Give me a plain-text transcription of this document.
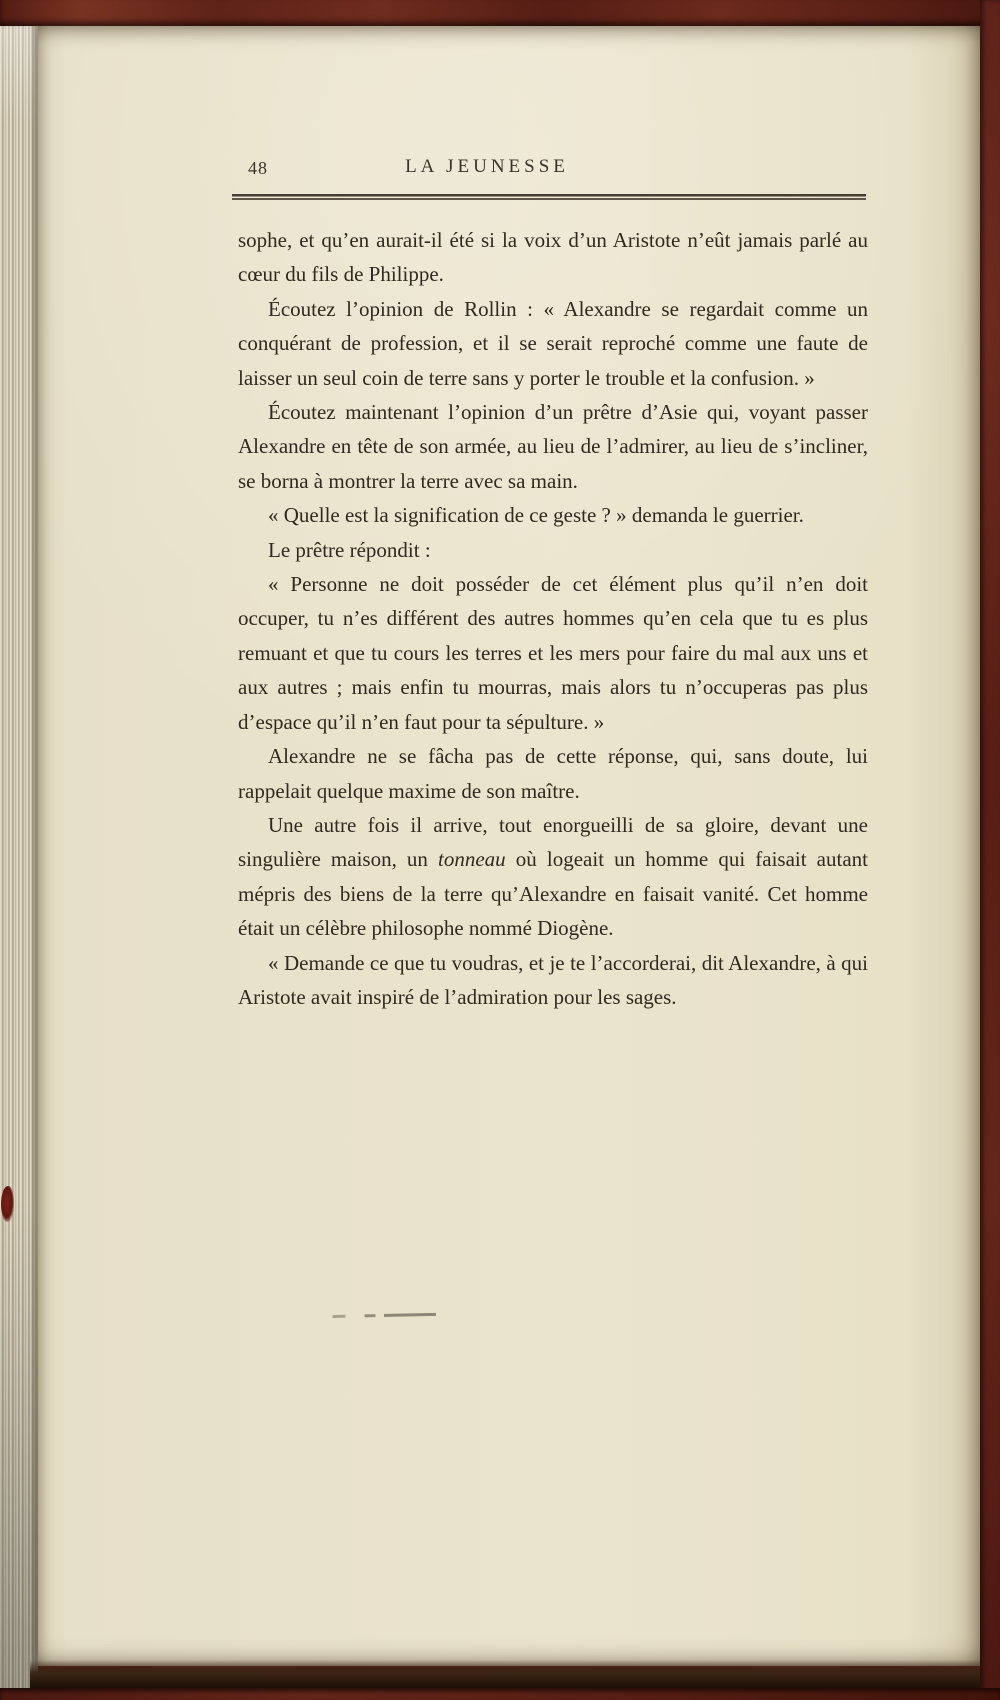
48	LA JEUNESSE

sophe, et qu’en aurait-il été si la voix d’un Aristote n’eût jamais parlé au cœur du fils de Philippe.

Écoutez l’opinion de Rollin : « Alexandre se regardait comme un conquérant de profession, et il se serait reproché comme une faute de laisser un seul coin de terre sans y porter le trouble et la confusion. »

Écoutez maintenant l’opinion d’un prêtre d’Asie qui, voyant passer Alexandre en tête de son armée, au lieu de l’admirer, au lieu de s’incliner, se borna à montrer la terre avec sa main.

« Quelle est la signification de ce geste ? » demanda le guerrier.

Le prêtre répondit :

« Personne ne doit posséder de cet élément plus qu’il n’en doit occuper, tu n’es différent des autres hommes qu’en cela que tu es plus remuant et que tu cours les terres et les mers pour faire du mal aux uns et aux autres ; mais enfin tu mourras, mais alors tu n’occuperas pas plus d’espace qu’il n’en faut pour ta sépulture. »

Alexandre ne se fâcha pas de cette réponse, qui, sans doute, lui rappelait quelque maxime de son maître.

Une autre fois il arrive, tout enorgueilli de sa gloire, devant une singulière maison, un tonneau où logeait un homme qui faisait autant mépris des biens de la terre qu’Alexandre en faisait vanité. Cet homme était un célèbre philosophe nommé Diogène.

« Demande ce que tu voudras, et je te l’accorderai, dit Alexandre, à qui Aristote avait inspiré de l’admiration pour les sages.
